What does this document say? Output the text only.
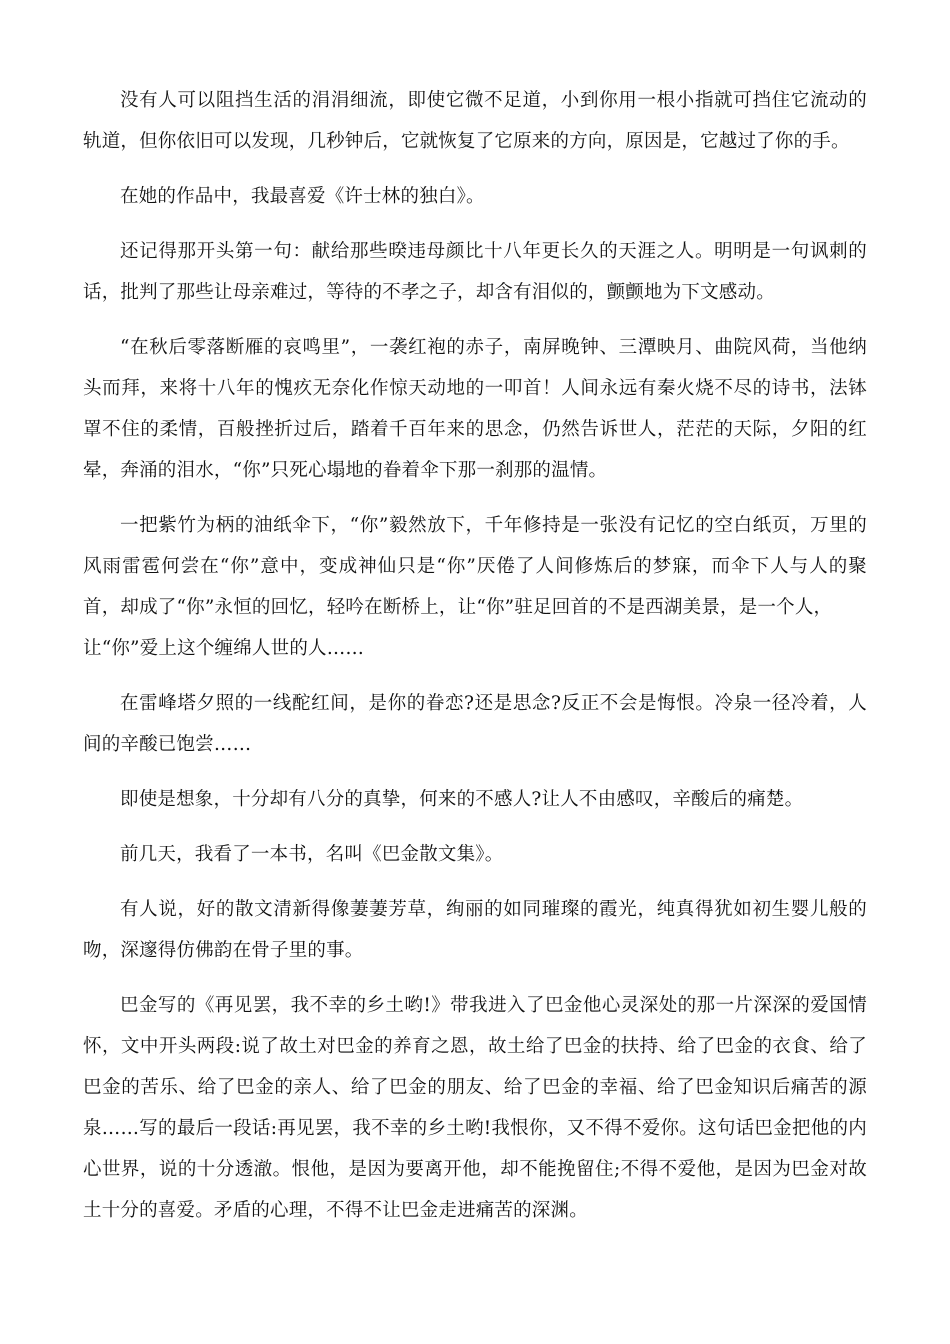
没有人可以阻挡生活的涓涓细流，即使它微不足道，小到你用一根小指就可挡住它流动的轨道，但你依旧可以发现，几秒钟后，它就恢复了它原来的方向，原因是，它越过了你的手。

在她的作品中，我最喜爱《许士林的独白》。

还记得那开头第一句：献给那些暌违母颜比十八年更长久的天涯之人。明明是一句讽刺的话，批判了那些让母亲难过，等待的不孝之子，却含有泪似的，颤颤地为下文感动。

“在秋后零落断雁的哀鸣里”，一袭红袍的赤子，南屏晚钟、三潭映月、曲院风荷，当他纳头而拜，来将十八年的愧疚无奈化作惊天动地的一叩首！人间永远有秦火烧不尽的诗书，法钵罩不住的柔情，百般挫折过后，踏着千百年来的思念，仍然告诉世人，茫茫的天际，夕阳的红晕，奔涌的泪水，“你”只死心塌地的眷着伞下那一刹那的温情。

一把紫竹为柄的油纸伞下，“你”毅然放下，千年修持是一张没有记忆的空白纸页，万里的风雨雷雹何尝在“你”意中，变成神仙只是“你”厌倦了人间修炼后的梦寐，而伞下人与人的聚首，却成了“你”永恒的回忆，轻吟在断桥上，让“你”驻足回首的不是西湖美景，是一个人，
让“你”爱上这个缠绵人世的人……

在雷峰塔夕照的一线酡红间，是你的眷恋?还是思念?反正不会是悔恨。冷泉一径冷着，人间的辛酸已饱尝……

即使是想象，十分却有八分的真挚，何来的不感人?让人不由感叹，辛酸后的痛楚。

前几天，我看了一本书，名叫《巴金散文集》。

有人说，好的散文清新得像萋萋芳草，绚丽的如同璀璨的霞光，纯真得犹如初生婴儿般的吻，深邃得仿佛韵在骨子里的事。

巴金写的《再见罢，我不幸的乡土哟!》带我进入了巴金他心灵深处的那一片深深的爱国情怀，文中开头两段:说了故土对巴金的养育之恩，故土给了巴金的扶持、给了巴金的衣食、给了巴金的苦乐、给了巴金的亲人、给了巴金的朋友、给了巴金的幸福、给了巴金知识后痛苦的源泉……写的最后一段话:再见罢，我不幸的乡土哟!我恨你，又不得不爱你。这句话巴金把他的内心世界，说的十分透澈。恨他，是因为要离开他，却不能挽留住;不得不爱他，是因为巴金对故土十分的喜爱。矛盾的心理，不得不让巴金走进痛苦的深渊。
